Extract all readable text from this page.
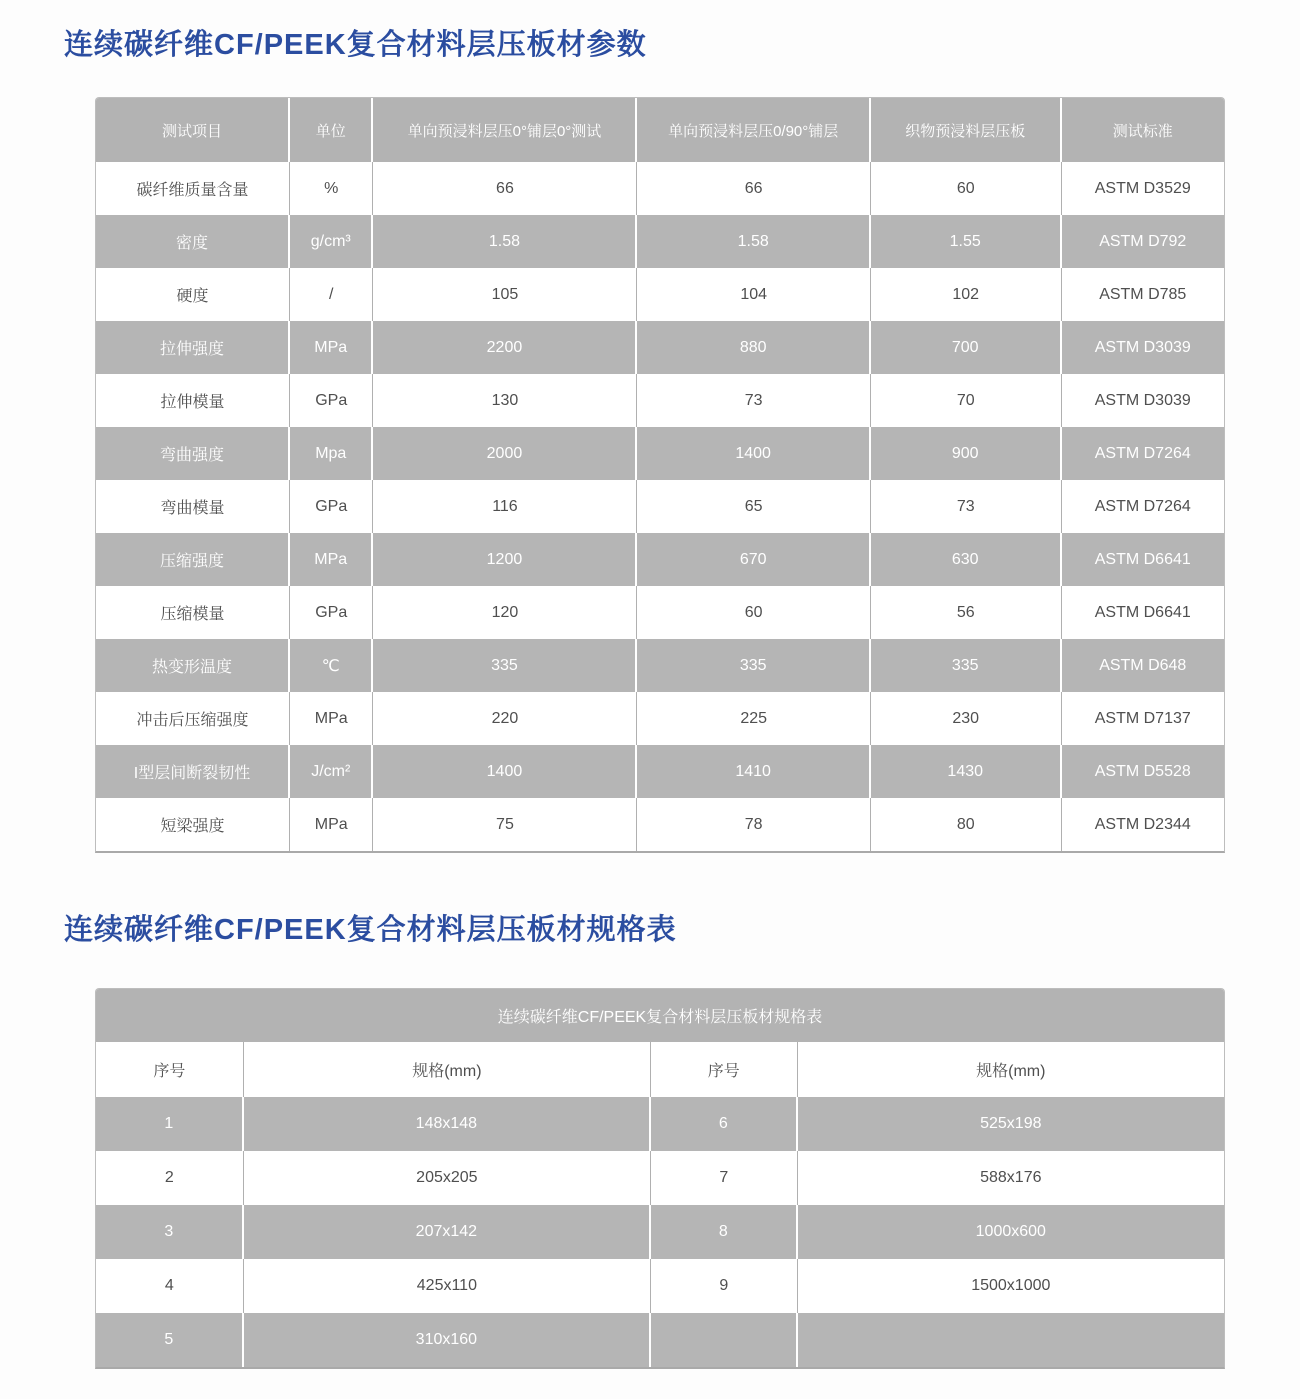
连续碳纤维CF/PEEK复合材料层压板材参数
测试项目	单位	单向预浸料层压0°铺层0°测试	单向预浸料层压0/90°铺层	织物预浸料层压板	测试标准
碳纤维质量含量	%	66	66	60	ASTM D3529
密度	g/cm³	1.58	1.58	1.55	ASTM D792
硬度	/	105	104	102	ASTM D785
拉伸强度	MPa	2200	880	700	ASTM D3039
拉伸模量	GPa	130	73	70	ASTM D3039
弯曲强度	Mpa	2000	1400	900	ASTM D7264
弯曲模量	GPa	116	65	73	ASTM D7264
压缩强度	MPa	1200	670	630	ASTM D6641
压缩模量	GPa	120	60	56	ASTM D6641
热变形温度	℃	335	335	335	ASTM D648
冲击后压缩强度	MPa	220	225	230	ASTM D7137
I型层间断裂韧性	J/cm²	1400	1410	1430	ASTM D5528
短梁强度	MPa	75	78	80	ASTM D2344
连续碳纤维CF/PEEK复合材料层压板材规格表
连续碳纤维CF/PEEK复合材料层压板材规格表			
序号	规格(mm)	序号	规格(mm)
1	148x148	6	525x198
2	205x205	7	588x176
3	207x142	8	1000x600
4	425x110	9	1500x1000
5	310x160		
